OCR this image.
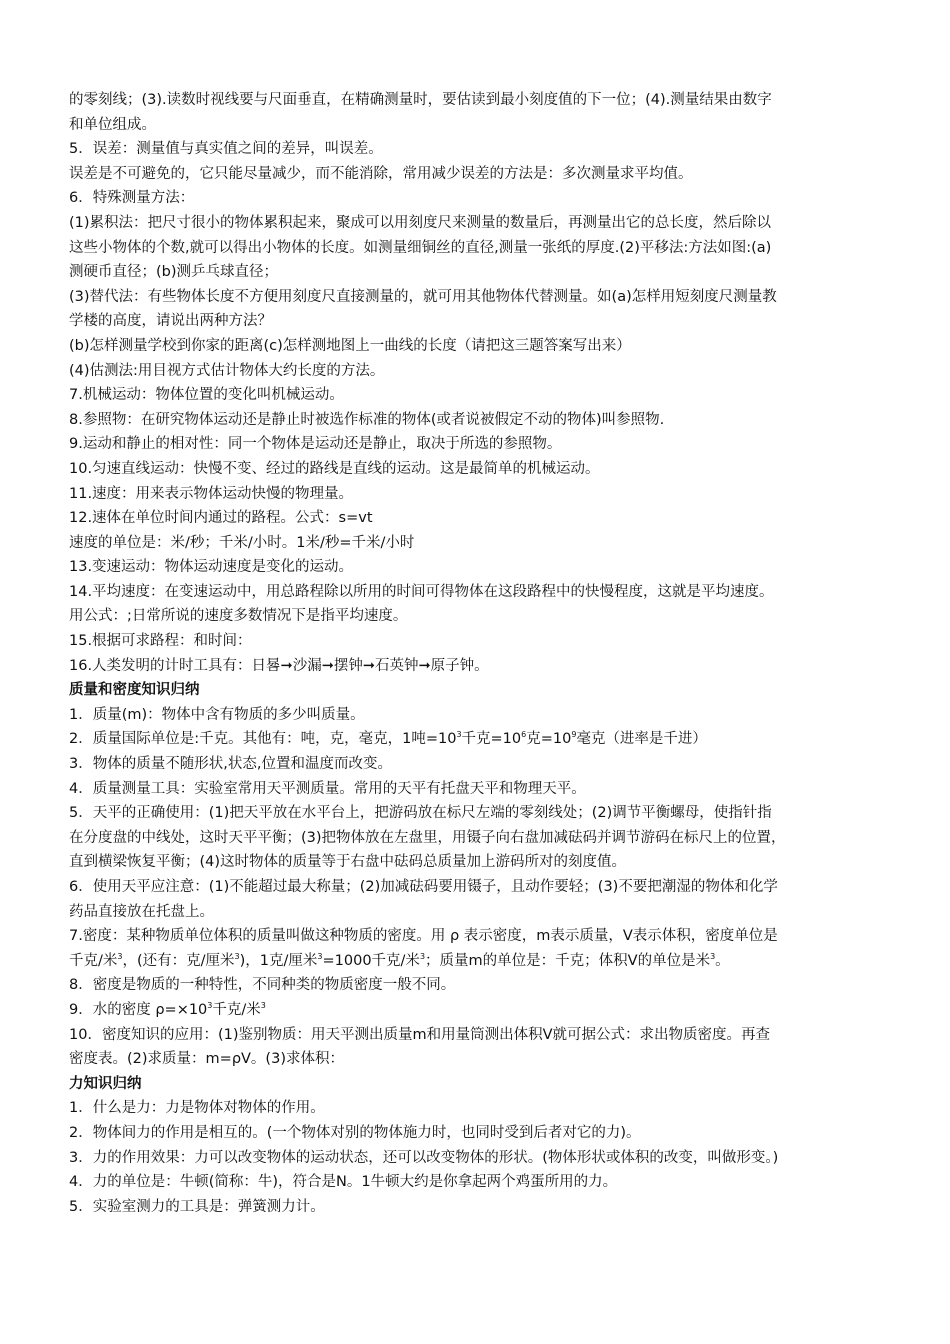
的零刻线；(3).读数时视线要与尺面垂直，在精确测量时，要估读到最小刻度值的下一位；(4).测量结果由数字
和单位组成。
5．误差：测量值与真实值之间的差异，叫误差。
误差是不可避免的，它只能尽量减少，而不能消除，常用减少误差的方法是：多次测量求平均值。
6．特殊测量方法：
(1)累积法：把尺寸很小的物体累积起来，聚成可以用刻度尺来测量的数量后，再测量出它的总长度，然后除以
这些小物体的个数,就可以得出小物体的长度。如测量细铜丝的直径,测量一张纸的厚度.(2)平移法:方法如图:(a)
测硬币直径；(b)测乒乓球直径；
(3)替代法：有些物体长度不方便用刻度尺直接测量的，就可用其他物体代替测量。如(a)怎样用短刻度尺测量教
学楼的高度，请说出两种方法？
(b)怎样测量学校到你家的距离(c)怎样测地图上一曲线的长度（请把这三题答案写出来）
(4)估测法:用目视方式估计物体大约长度的方法。
7.机械运动：物体位置的变化叫机械运动。
8.参照物：在研究物体运动还是静止时被选作标准的物体(或者说被假定不动的物体)叫参照物.
9.运动和静止的相对性：同一个物体是运动还是静止，取决于所选的参照物。
10.匀速直线运动：快慢不变、经过的路线是直线的运动。这是最简单的机械运动。
11.速度：用来表示物体运动快慢的物理量。
12.速体在单位时间内通过的路程。公式：s=vt
速度的单位是：米/秒；千米/小时。1米/秒=千米/小时
13.变速运动：物体运动速度是变化的运动。
14.平均速度：在变速运动中，用总路程除以所用的时间可得物体在这段路程中的快慢程度，这就是平均速度。
用公式：;日常所说的速度多数情况下是指平均速度。
15.根据可求路程：和时间：
16.人类发明的计时工具有：日晷➞沙漏➞摆钟➞石英钟➞原子钟。
质量和密度知识归纳
1．质量(m)：物体中含有物质的多少叫质量。
2．质量国际单位是:千克。其他有：吨，克，毫克，1吨$=10^3$千克$=10^6$克$=10^9$毫克（进率是千进）
3．物体的质量不随形状,状态,位置和温度而改变。
4．质量测量工具：实验室常用天平测质量。常用的天平有托盘天平和物理天平。
5．天平的正确使用：(1)把天平放在水平台上，把游码放在标尺左端的零刻线处；(2)调节平衡螺母，使指针指
在分度盘的中线处，这时天平平衡；(3)把物体放在左盘里，用镊子向右盘加减砝码并调节游码在标尺上的位置，
直到横梁恢复平衡；(4)这时物体的质量等于右盘中砝码总质量加上游码所对的刻度值。
6．使用天平应注意：(1)不能超过最大称量；(2)加减砝码要用镊子，且动作要轻；(3)不要把潮湿的物体和化学
药品直接放在托盘上。
7.密度：某种物质单位体积的质量叫做这种物质的密度。用 ρ 表示密度，m表示质量，V表示体积，密度单位是
千克/米$^3$，(还有：克/厘米$^3$)，1克/厘米$^3$=1000千克/米$^3$；质量m的单位是：千克；体积V的单位是米$^3$。
8．密度是物质的一种特性，不同种类的物质密度一般不同。
9．水的密度 $\rho=\times 10^3$千克/米$^3$
10．密度知识的应用：(1)鉴别物质：用天平测出质量m和用量筒测出体积V就可据公式：求出物质密度。再查
密度表。(2)求质量：m=ρV。(3)求体积：
力知识归纳
1．什么是力：力是物体对物体的作用。
2．物体间力的作用是相互的。(一个物体对别的物体施力时，也同时受到后者对它的力)。
3．力的作用效果：力可以改变物体的运动状态，还可以改变物体的形状。(物体形状或体积的改变，叫做形变。)
4．力的单位是：牛顿(简称：牛)，符合是N。1牛顿大约是你拿起两个鸡蛋所用的力。
5．实验室测力的工具是：弹簧测力计。
